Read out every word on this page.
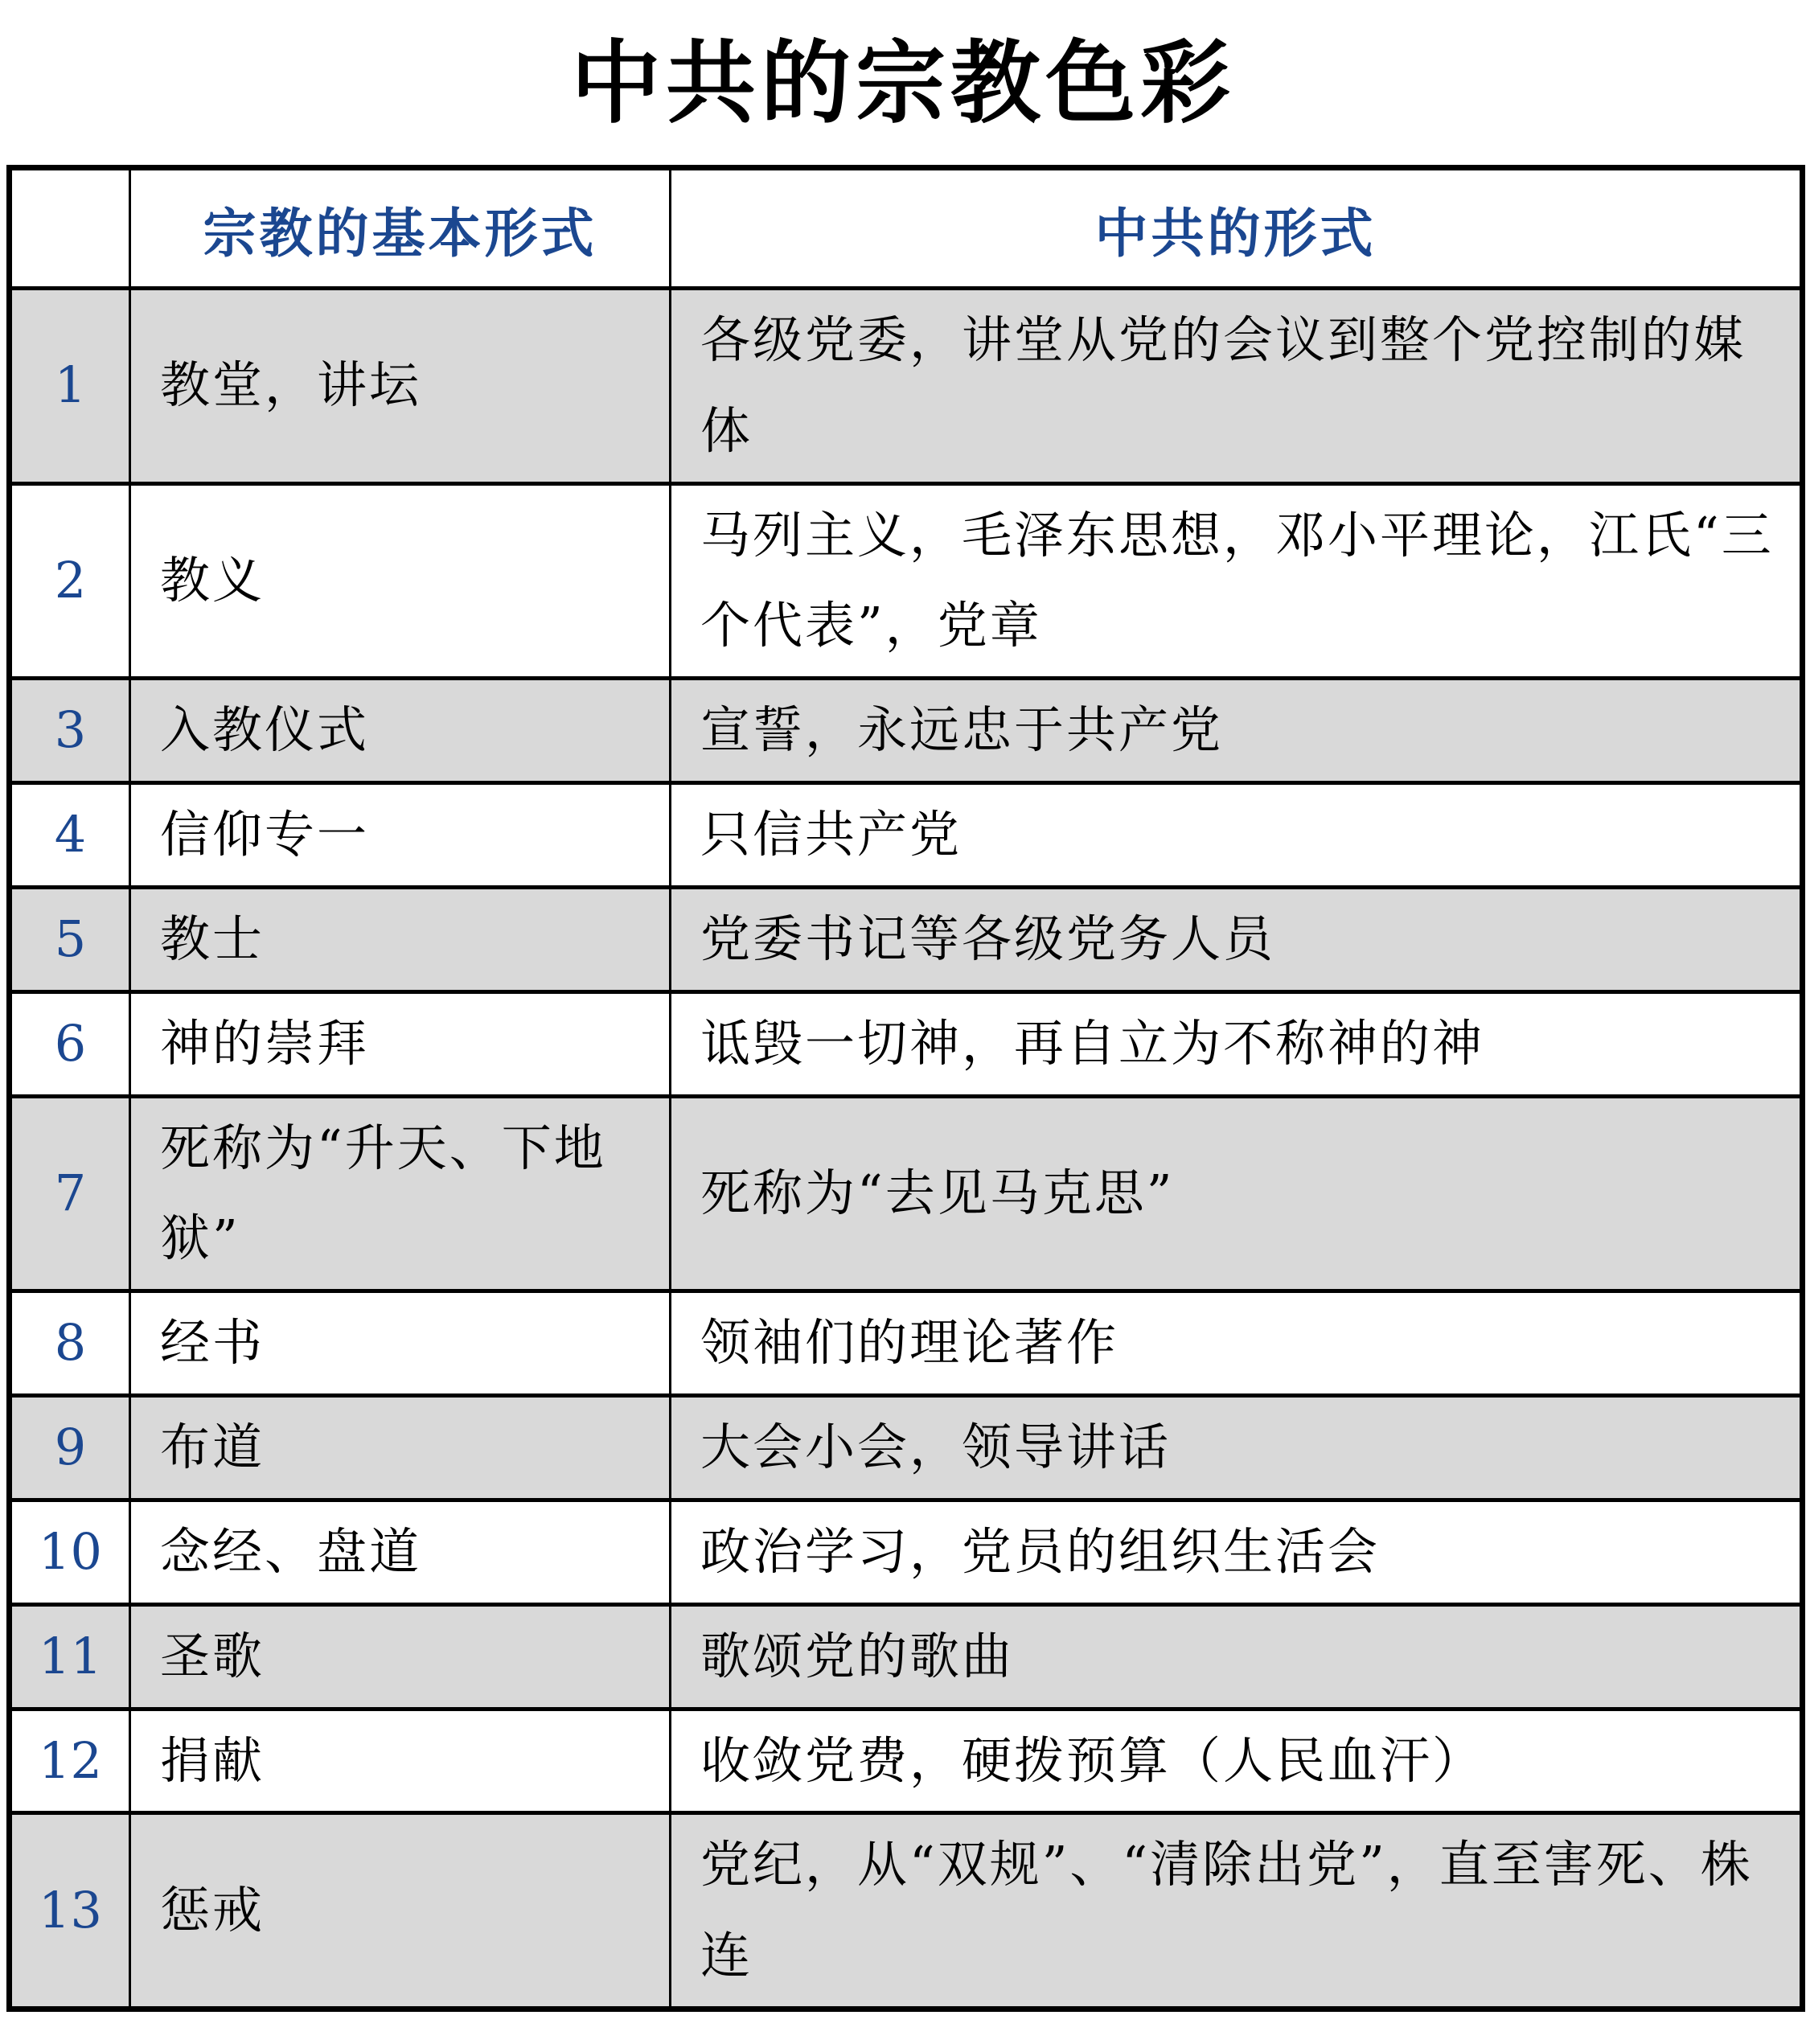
中共的宗教色彩
	宗教的基本形式	中共的形式
1	教堂，讲坛	各级党委，讲堂从党的会议到整个党控制的媒体
2	教义	马列主义，毛泽东思想，邓小平理论，江氏“三个代表”，党章
3	入教仪式	宣誓，永远忠于共产党
4	信仰专一	只信共产党
5	教士	党委书记等各级党务人员
6	神的崇拜	诋毁一切神，再自立为不称神的神
7	死称为“升天、下地狱”	死称为“去见马克思”
8	经书	领袖们的理论著作
9	布道	大会小会，领导讲话
10	念经、盘道	政治学习，党员的组织生活会
11	圣歌	歌颂党的歌曲
12	捐献	收敛党费，硬拨预算（人民血汗）
13	惩戒	党纪，从“双规”、“清除出党”，直至害死、株连
